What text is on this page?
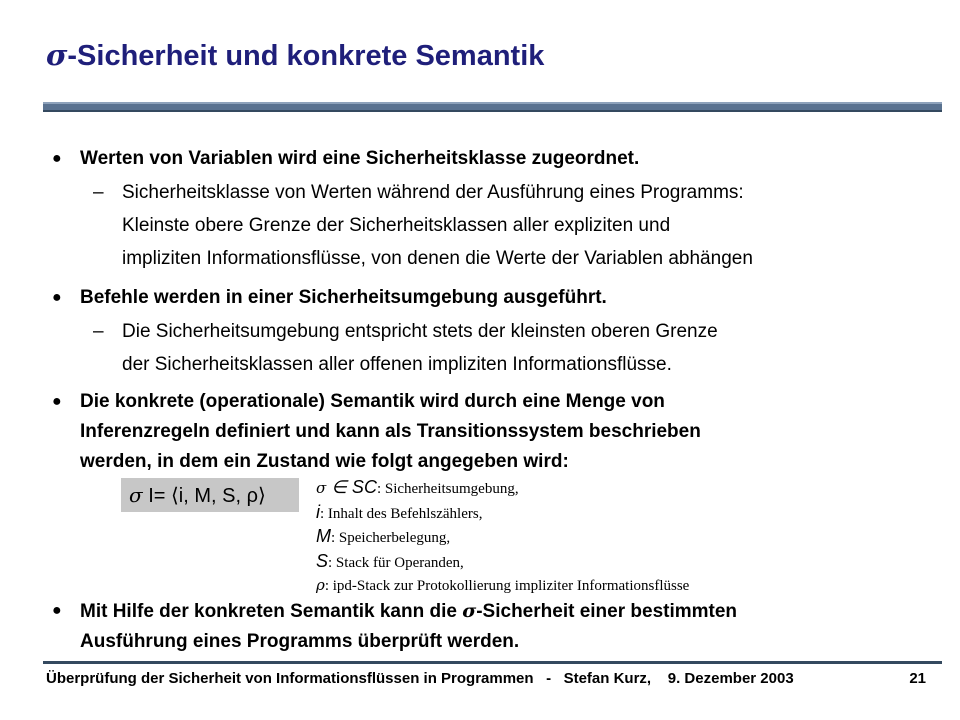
σ-Sicherheit und konkrete Semantik
● Werten von Variablen wird eine Sicherheitsklasse zugeordnet.
– Sicherheitsklasse von Werten während der Ausführung eines Programms:
Kleinste obere Grenze der Sicherheitsklassen aller expliziten und
impliziten Informationsflüsse, von denen die Werte der Variablen abhängen
● Befehle werden in einer Sicherheitsumgebung ausgeführt.
– Die Sicherheitsumgebung entspricht stets der kleinsten oberen Grenze
der Sicherheitsklassen aller offenen impliziten Informationsflüsse.
● Die konkrete (operationale) Semantik wird durch eine Menge von
Inferenzregeln definiert und kann als Transitionssystem beschrieben
werden, in dem ein Zustand wie folgt angegeben wird:
σ I= ⟨i, M, S, ρ⟩	σ ∈ SC: Sicherheitsumgebung,
i: Inhalt des Befehlszählers,
M: Speicherbelegung,
S: Stack für Operanden,
ρ: ipd-Stack zur Protokollierung impliziter Informationsflüsse
● Mit Hilfe der konkreten Semantik kann die σ-Sicherheit einer bestimmten
Ausführung eines Programms überprüft werden.
Überprüfung der Sicherheit von Informationsflüssen in Programmen   -   Stefan Kurz,    9. Dezember 2003	21
